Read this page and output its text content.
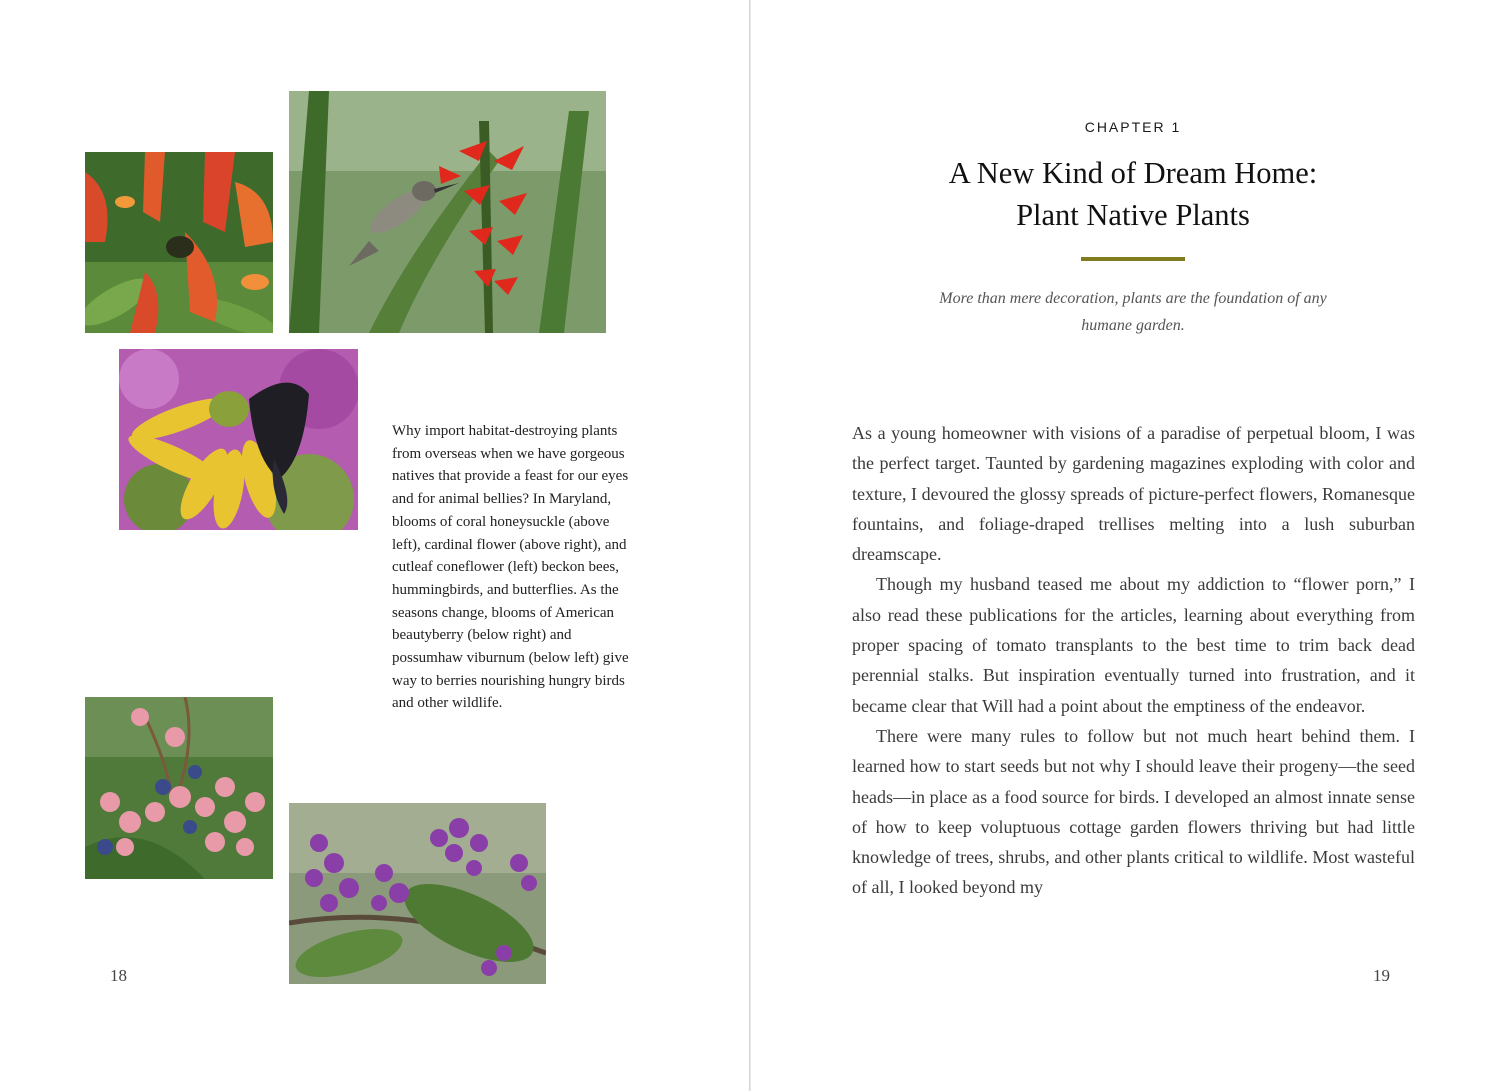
Why import habitat-destroying plants from overseas when we have gorgeous natives that provide a feast for our eyes and for animal bellies? In Maryland, blooms of coral honeysuckle (above left), cardinal flower (above right), and cutleaf coneflower (left) beckon bees, hummingbirds, and butterflies. As the seasons change, blooms of American beautyberry (below right) and possumhaw viburnum (below left) give way to berries nourishing hungry birds and other wildlife.

18
CHAPTER 1
A New Kind of Dream Home:
Plant Native Plants
More than mere decoration, plants are the foundation of any humane garden.

As a young homeowner with visions of a paradise of perpetual bloom, I was the perfect target. Taunted by gardening magazines exploding with color and texture, I devoured the glossy spreads of picture-perfect flowers, Romanesque fountains, and foliage-draped trellises melting into a lush suburban dreamscape.

Though my husband teased me about my addiction to “flower porn,” I also read these publications for the articles, learning about everything from proper spacing of tomato transplants to the best time to trim back dead perennial stalks. But inspiration eventually turned into frustration, and it became clear that Will had a point about the emptiness of the endeavor.

There were many rules to follow but not much heart behind them. I learned how to start seeds but not why I should leave their progeny—the seed heads—in place as a food source for birds. I developed an almost innate sense of how to keep voluptuous cottage garden flowers thriving but had little knowledge of trees, shrubs, and other plants critical to wildlife. Most wasteful of all, I looked beyond my

19
